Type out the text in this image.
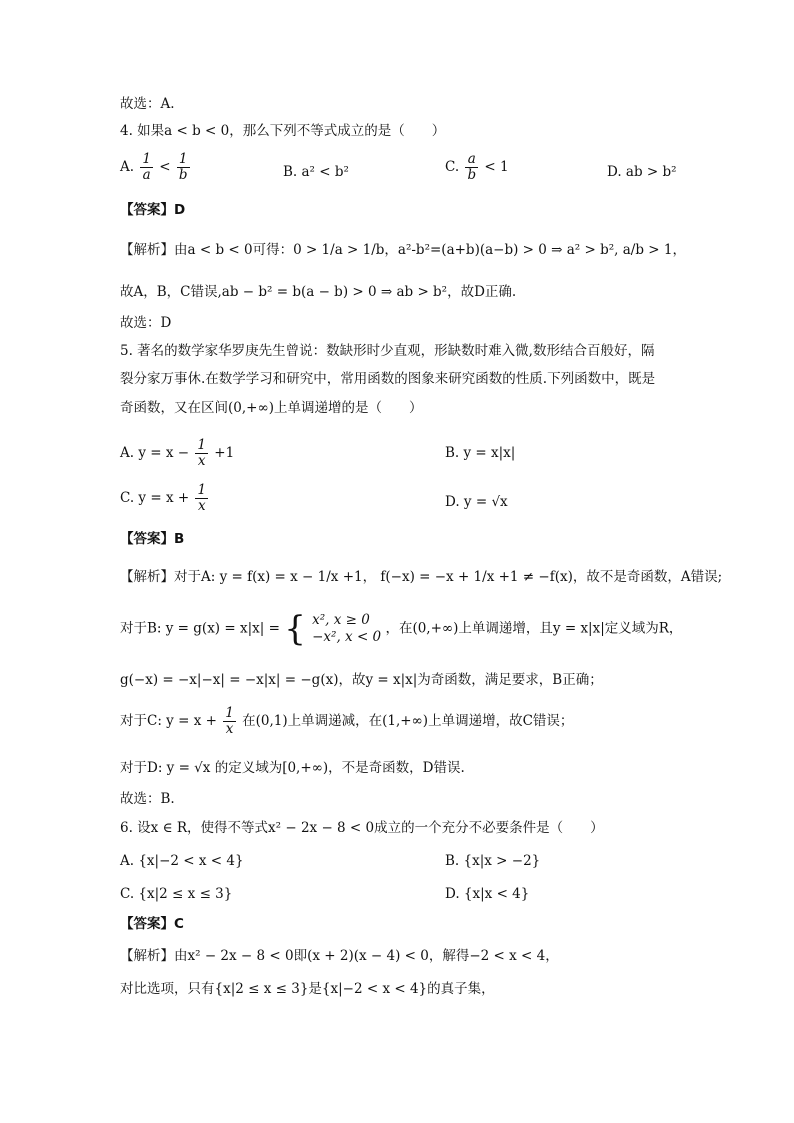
故选：A.
4. 如果a < b < 0，那么下列不等式成立的是（　　）
A. $\frac{1}{a} < \frac{1}{b}$	B. a² < b²	C. $\frac{a}{b} < 1$	D. ab > b²
【答案】D
【解析】由a < b < 0可得：0 > 1/a > 1/b，a²-b²=(a+b)(a−b) > 0 ⇒ a² > b², a/b > 1，
故A，B，C错误,ab − b² = b(a − b) > 0 ⇒ ab > b²，故D正确.
故选：D
5. 著名的数学家华罗庚先生曾说：数缺形时少直观，形缺数时难入微,数形结合百般好，隔
裂分家万事休.在数学学习和研究中，常用函数的图象来研究函数的性质.下列函数中，既是
奇函数，又在区间(0,+∞)上单调递增的是（　　）
A. $y = x - \frac{1}{x} +1$	B. y = x|x|
C. $y = x + \frac{1}{x}$	D. y = √x
【答案】B
【解析】对于A: y = f(x) = x − 1/x +1， f(−x) = −x + 1/x +1 ≠ −f(x)，故不是奇函数，A错误;
对于B: y = g(x) = x|x| = { x², x ≥ 0
−x², x < 0
，在(0,+∞)上单调递增，且y = x|x|定义域为R，
g(−x) = −x|−x| = −x|x| = −g(x)，故y = x|x|为奇函数，满足要求，B正确；
对于C: $y = x + \frac{1}{x}$ 在(0,1)上单调递减，在(1,+∞)上单调递增，故C错误；
对于D: y = √x 的定义域为[0,+∞)，不是奇函数，D错误.
故选：B.
6. 设x ∈ R，使得不等式x² − 2x − 8 < 0成立的一个充分不必要条件是（　　）
A. {x|−2 < x < 4}	B. {x|x > −2}
C. {x|2 ≤ x ≤ 3}	D. {x|x < 4}
【答案】C
【解析】由x² − 2x − 8 < 0即(x + 2)(x − 4) < 0，解得−2 < x < 4，
对比选项，只有{x|2 ≤ x ≤ 3}是{x|−2 < x < 4}的真子集，
